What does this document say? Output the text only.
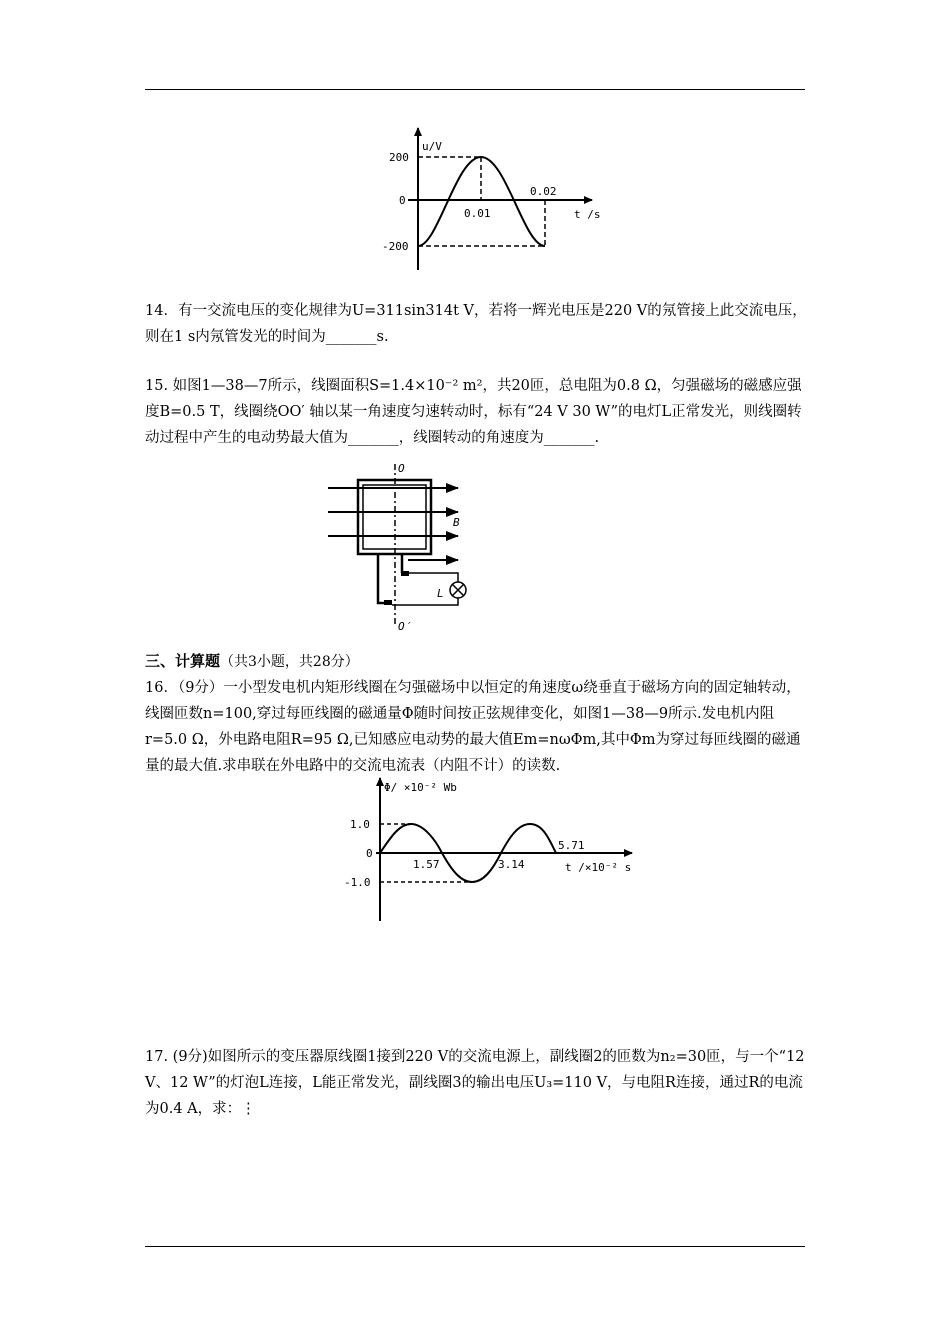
u/V
200
0
-200
0.01
0.02
t /s

14．有一交流电压的变化规律为U=311sin314t V，若将一辉光电压是220 V的氖管接上此交流电压，则在1 s内氖管发光的时间为_______s.

15. 如图1—38—7所示，线圈面积S=1.4×10⁻² m²，共20匝，总电阻为0.8 Ω，匀强磁场的磁感应强度B=0.5 T，线圈绕OO′ 轴以某一角速度匀速转动时，标有“24 V 30 W”的电灯L正常发光，则线圈转动过程中产生的电动势最大值为_______，线圈转动的角速度为_______.

O
O′
B
L

三、计算题（共3小题，共28分）

16．（9分）一小型发电机内矩形线圈在匀强磁场中以恒定的角速度ω绕垂直于磁场方向的固定轴转动，线圈匝数n=100,穿过每匝线圈的磁通量Φ随时间按正弦规律变化，如图1—38—9所示.发电机内阻r=5.0 Ω，外电路电阻R=95 Ω,已知感应电动势的最大值Em=nωΦm,其中Φm为穿过每匝线圈的磁通量的最大值.求串联在外电路中的交流电流表（内阻不计）的读数.

Φ/ ×10⁻² Wb
1.0
0
-1.0
1.57	3.14
5.71
t /×10⁻² s

17. (9分)如图所示的变压器原线圈1接到220 V的交流电源上，副线圈2的匝数为n₂=30匝，与一个“12 V、12 W”的灯泡L连接，L能正常发光，副线圈3的输出电压U₃=110 V，与电阻R连接，通过R的电流为0.4 A，求：⋮
